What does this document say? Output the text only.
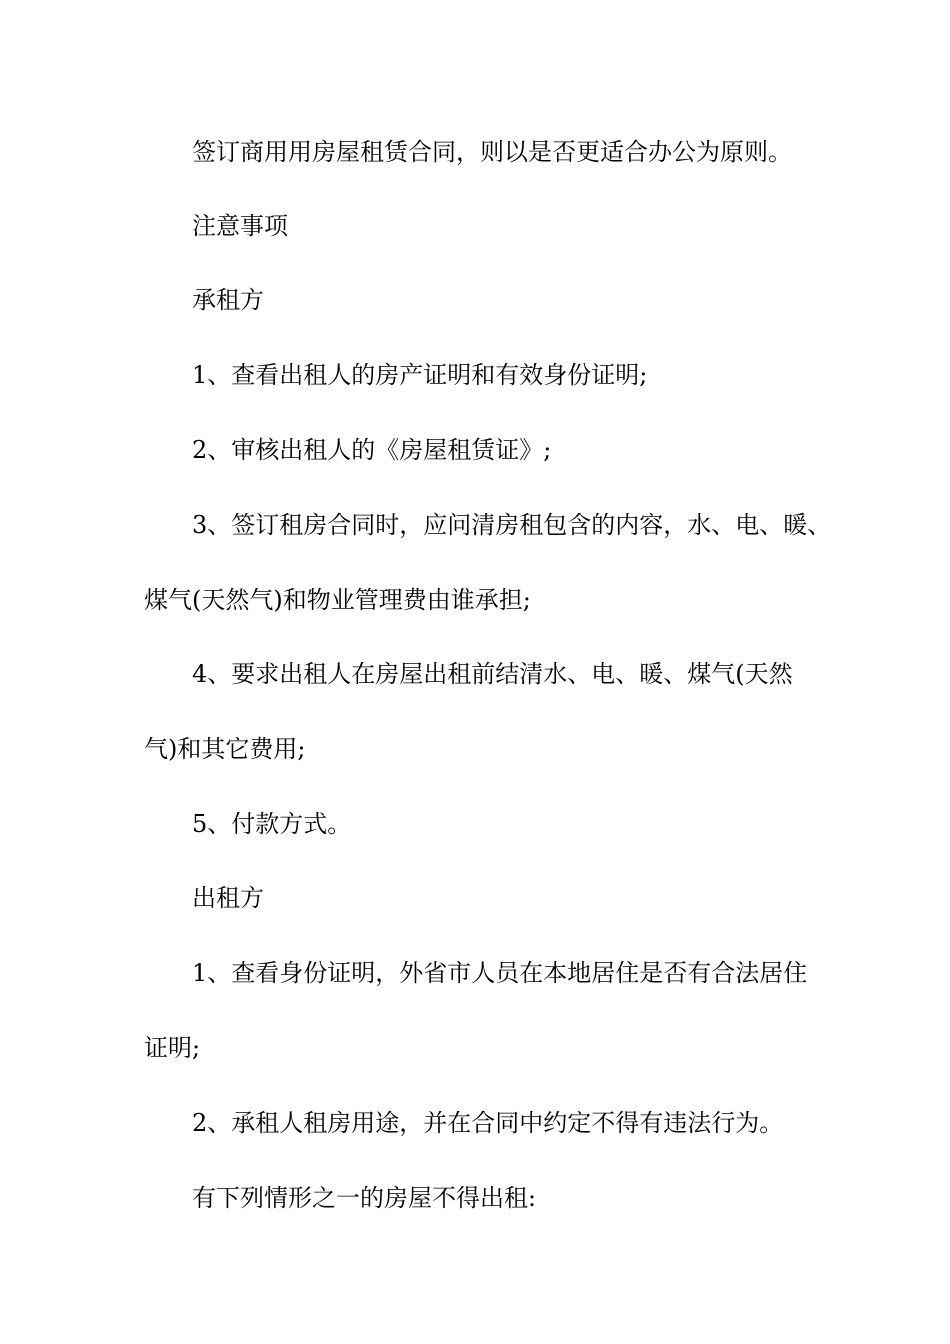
签订商用用房屋租赁合同，则以是否更适合办公为原则。

注意事项

承租方

1、查看出租人的房产证明和有效身份证明;

2、审核出租人的《房屋租赁证》;

3、签订租房合同时，应问清房租包含的内容，水、电、暖、

煤气(天然气)和物业管理费由谁承担;

4、要求出租人在房屋出租前结清水、电、暖、煤气(天然

气)和其它费用;

5、付款方式。

出租方

1、查看身份证明，外省市人员在本地居住是否有合法居住

证明;

2、承租人租房用途，并在合同中约定不得有违法行为。

有下列情形之一的房屋不得出租:
